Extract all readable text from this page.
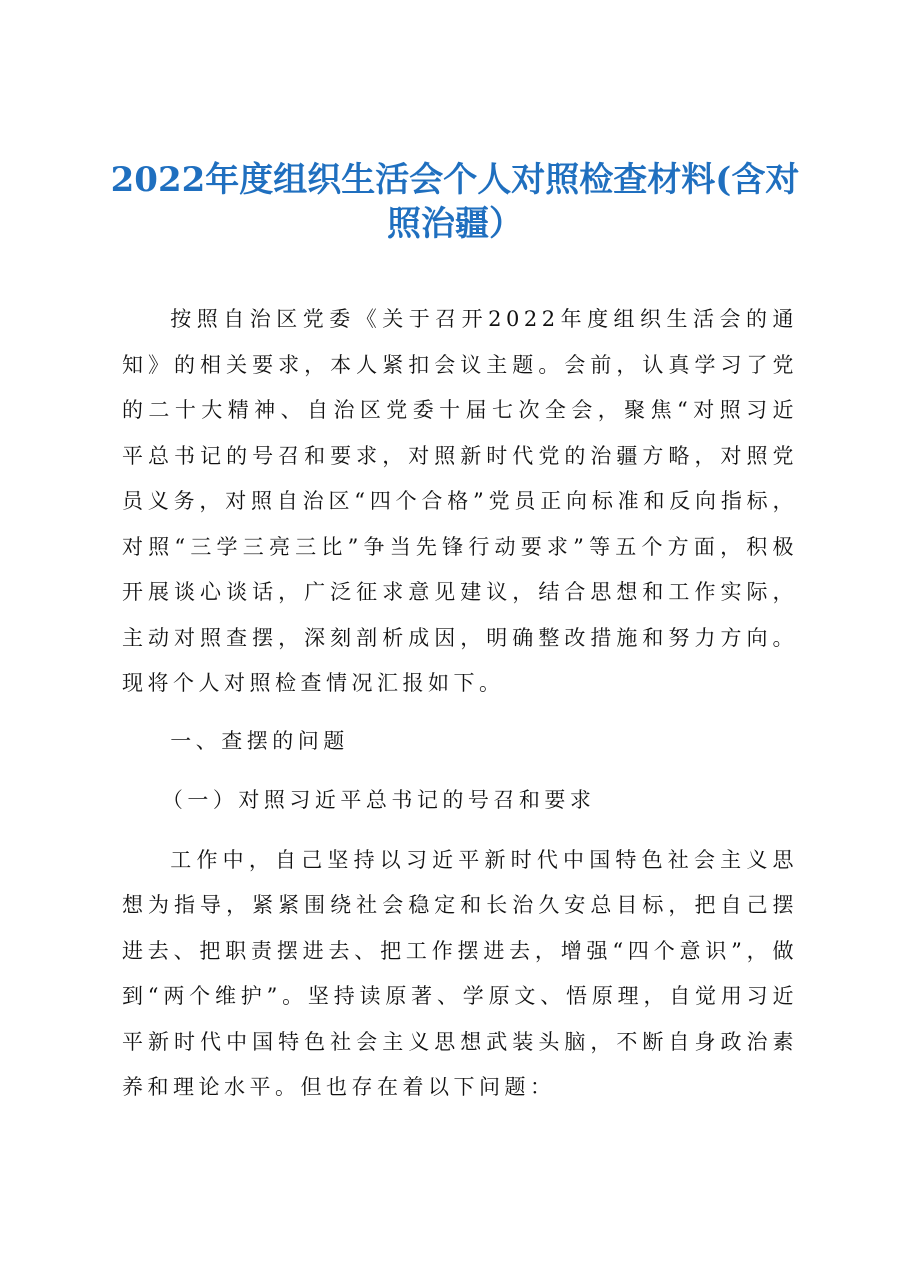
2022年度组织生活会个人对照检查材料(含对照治疆）

按照自治区党委《关于召开2022年度组织生活会的通知》的相关要求，本人紧扣会议主题。会前，认真学习了党的二十大精神、自治区党委十届七次全会，聚焦“对照习近平总书记的号召和要求，对照新时代党的治疆方略，对照党员义务，对照自治区“四个合格”党员正向标准和反向指标，对照“三学三亮三比”争当先锋行动要求”等五个方面，积极开展谈心谈话，广泛征求意见建议，结合思想和工作实际，主动对照查摆，深刻剖析成因，明确整改措施和努力方向。现将个人对照检查情况汇报如下。

一、查摆的问题

（一）对照习近平总书记的号召和要求

工作中，自己坚持以习近平新时代中国特色社会主义思想为指导，紧紧围绕社会稳定和长治久安总目标，把自己摆进去、把职责摆进去、把工作摆进去，增强“四个意识”，做到“两个维护”。坚持读原著、学原文、悟原理，自觉用习近平新时代中国特色社会主义思想武装头脑，不断自身政治素养和理论水平。但也存在着以下问题：
